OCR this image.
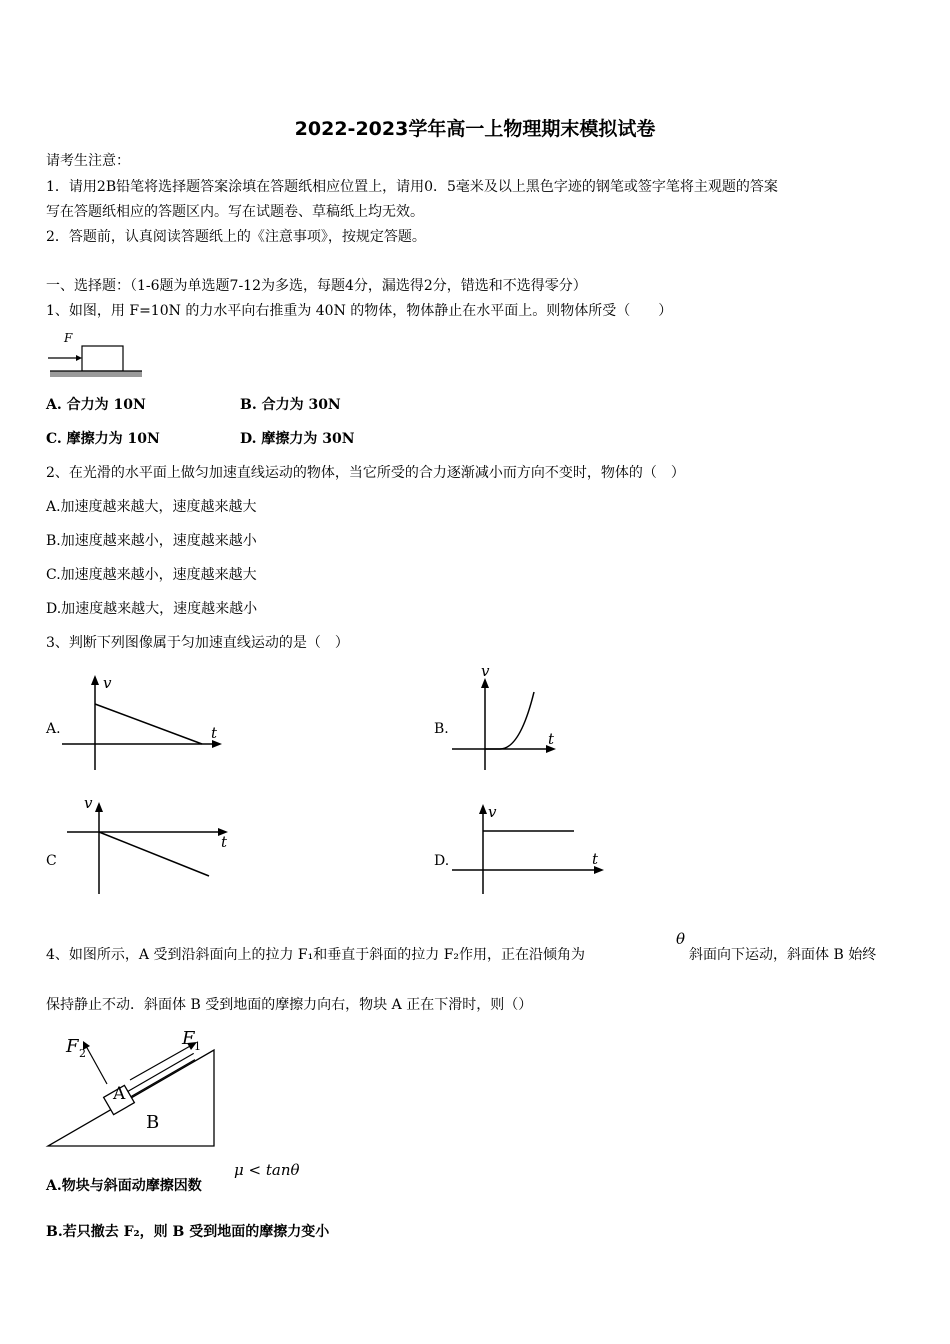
2022-2023学年高一上物理期末模拟试卷
请考生注意：
1．请用2B铅笔将选择题答案涂填在答题纸相应位置上，请用0．5毫米及以上黑色字迹的钢笔或签字笔将主观题的答案
写在答题纸相应的答题区内。写在试题卷、草稿纸上均无效。
2．答题前，认真阅读答题纸上的《注意事项》，按规定答题。
一、选择题：（1-6题为单选题7-12为多选，每题4分，漏选得2分，错选和不选得零分）
1、如图，用 F=10N 的力水平向右推重为 40N 的物体，物体静止在水平面上。则物体所受（　　）
F
A. 合力为 10N	B. 合力为 30N
C. 摩擦力为 10N	D. 摩擦力为 30N
2、在光滑的水平面上做匀加速直线运动的物体，当它所受的合力逐渐减小而方向不变时，物体的（　）
A.加速度越来越大，速度越来越大
B.加速度越来越小，速度越来越小
C.加速度越来越小，速度越来越大
D.加速度越来越大，速度越来越小
3、判断下列图像属于匀加速直线运动的是（　）
A.
v
t	B.
v
t
C
v
t
D.
v
t
4、如图所示，A 受到沿斜面向上的拉力 F₁和垂直于斜面的拉力 F₂作用，正在沿倾角为
θ
斜面向下运动，斜面体 B 始终
保持静止不动．斜面体 B 受到地面的摩擦力向右，物块 A 正在下滑时，则（）
A
F 2
F 1
B
A.物块与斜面动摩擦因数
μ < tanθ
B.若只撤去 F₂，则 B 受到地面的摩擦力变小
